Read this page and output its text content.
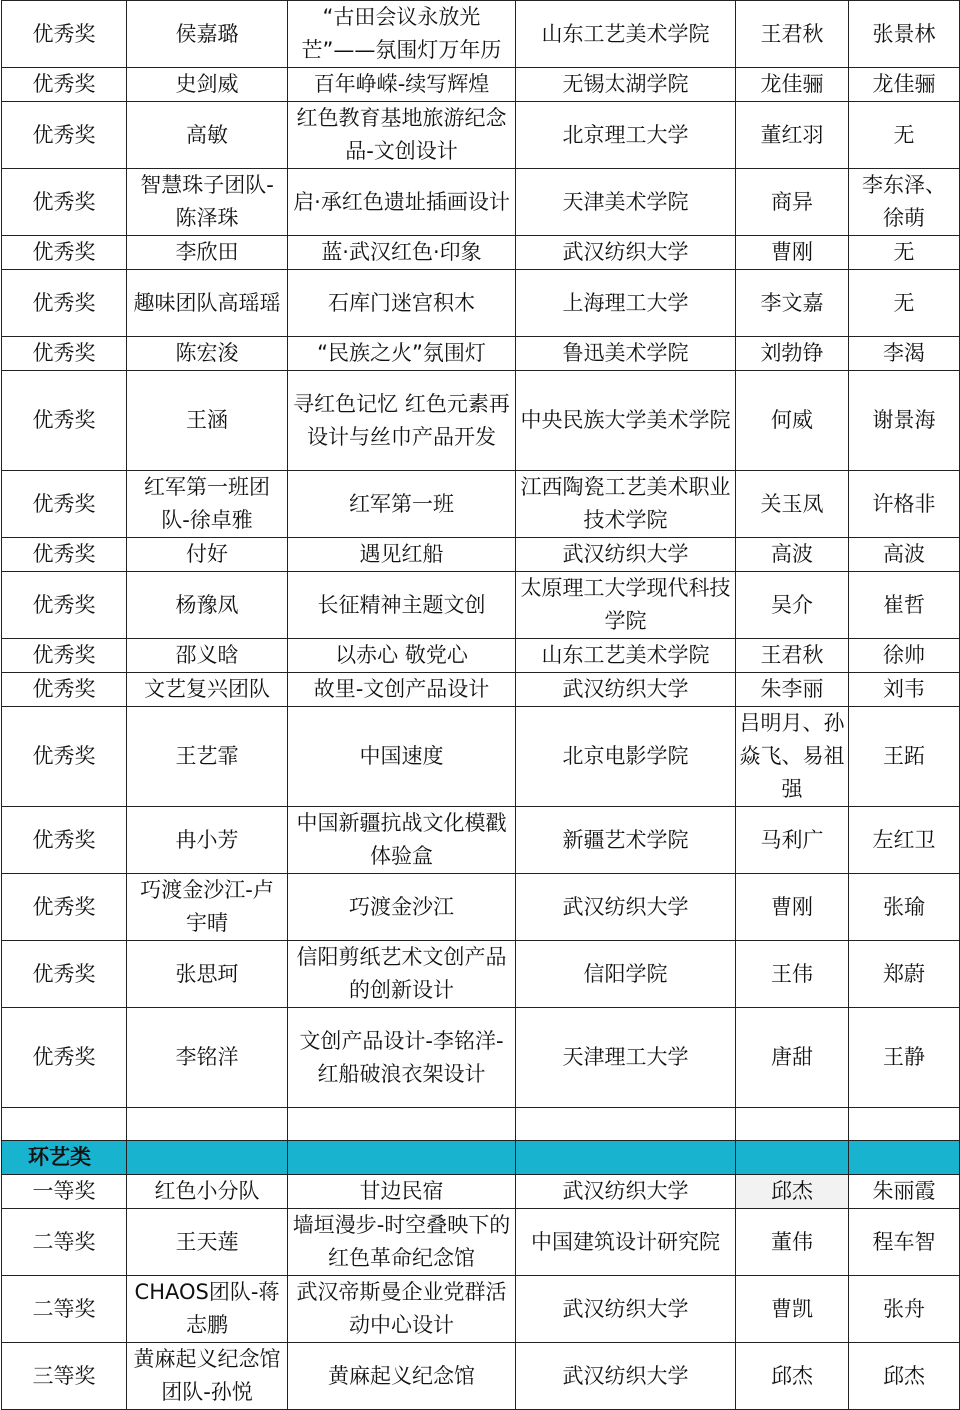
优秀奖	侯嘉璐	“古田会议永放光芒”——氛围灯万年历	山东工艺美术学院	王君秋	张景林
优秀奖	史剑威	百年峥嵘-续写辉煌	无锡太湖学院	龙佳骊	龙佳骊
优秀奖	高敏	红色教育基地旅游纪念品-文创设计	北京理工大学	董红羽	无
优秀奖	智慧珠子团队-陈泽珠	启·承红色遗址插画设计	天津美术学院	商异	李东泽、徐萌
优秀奖	李欣田	蓝·武汉红色·印象	武汉纺织大学	曹刚	无
优秀奖	趣味团队高瑶瑶	石库门迷宫积木	上海理工大学	李文嘉	无
优秀奖	陈宏浚	“民族之火”氛围灯	鲁迅美术学院	刘勃铮	李渴
优秀奖	王涵	寻红色记忆 红色元素再设计与丝巾产品开发	中央民族大学美术学院	何威	谢景海
优秀奖	红军第一班团队-徐卓雅	红军第一班	江西陶瓷工艺美术职业技术学院	关玉凤	许格非
优秀奖	付好	遇见红船	武汉纺织大学	高波	高波
优秀奖	杨豫凤	长征精神主题文创	太原理工大学现代科技学院	吴介	崔哲
优秀奖	邵义晗	以赤心 敬党心	山东工艺美术学院	王君秋	徐帅
优秀奖	文艺复兴团队	故里-文创产品设计	武汉纺织大学	朱李丽	刘韦
优秀奖	王艺霏	中国速度	北京电影学院	吕明月、孙焱飞、易祖强	王跖
优秀奖	冉小芳	中国新疆抗战文化模戳体验盒	新疆艺术学院	马利广	左红卫
优秀奖	巧渡金沙江-卢宇晴	巧渡金沙江	武汉纺织大学	曹刚	张瑜
优秀奖	张思珂	信阳剪纸艺术文创产品的创新设计	信阳学院	王伟	郑蔚
优秀奖	李铭洋	文创产品设计-李铭洋-红船破浪衣架设计	天津理工大学	唐甜	王静

环艺类					
一等奖	红色小分队	甘边民宿	武汉纺织大学	邱杰	朱丽霞
二等奖	王天莲	墙垣漫步-时空叠映下的红色革命纪念馆	中国建筑设计研究院	董伟	程车智
二等奖	CHAOS团队-蒋志鹏	武汉帝斯曼企业党群活动中心设计	武汉纺织大学	曹凯	张舟
三等奖	黄麻起义纪念馆团队-孙悦	黄麻起义纪念馆	武汉纺织大学	邱杰	邱杰
